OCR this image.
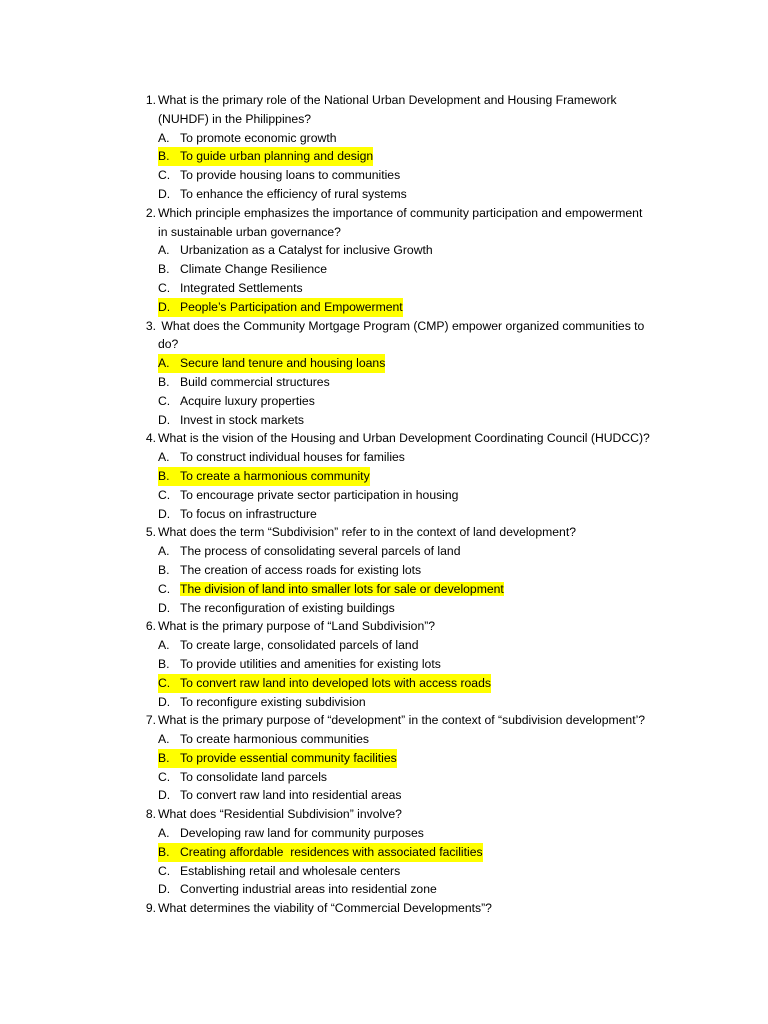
1. What is the primary role of the National Urban Development and Housing Framework
(NUHDF) in the Philippines?
A. To promote economic growth
B. To guide urban planning and design
C. To provide housing loans to communities
D. To enhance the efficiency of rural systems
2. Which principle emphasizes the importance of community participation and empowerment
in sustainable urban governance?
A. Urbanization as a Catalyst for inclusive Growth
B. Climate Change Resilience
C. Integrated Settlements
D. People’s Participation and Empowerment
3. What does the Community Mortgage Program (CMP) empower organized communities to
do?
A. Secure land tenure and housing loans
B. Build commercial structures
C. Acquire luxury properties
D. Invest in stock markets
4. What is the vision of the Housing and Urban Development Coordinating Council (HUDCC)?
A. To construct individual houses for families
B. To create a harmonious community
C. To encourage private sector participation in housing
D. To focus on infrastructure
5. What does the term “Subdivision” refer to in the context of land development?
A. The process of consolidating several parcels of land
B. The creation of access roads for existing lots
C. The division of land into smaller lots for sale or development
D. The reconfiguration of existing buildings
6. What is the primary purpose of “Land Subdivision”?
A. To create large, consolidated parcels of land
B. To provide utilities and amenities for existing lots
C. To convert raw land into developed lots with access roads
D. To reconfigure existing subdivision
7. What is the primary purpose of “development” in the context of “subdivision development’?
A. To create harmonious communities
B. To provide essential community facilities
C. To consolidate land parcels
D. To convert raw land into residential areas
8. What does “Residential Subdivision” involve?
A. Developing raw land for community purposes
B. Creating affordable  residences with associated facilities
C. Establishing retail and wholesale centers
D. Converting industrial areas into residential zone
9. What determines the viability of “Commercial Developments”?
